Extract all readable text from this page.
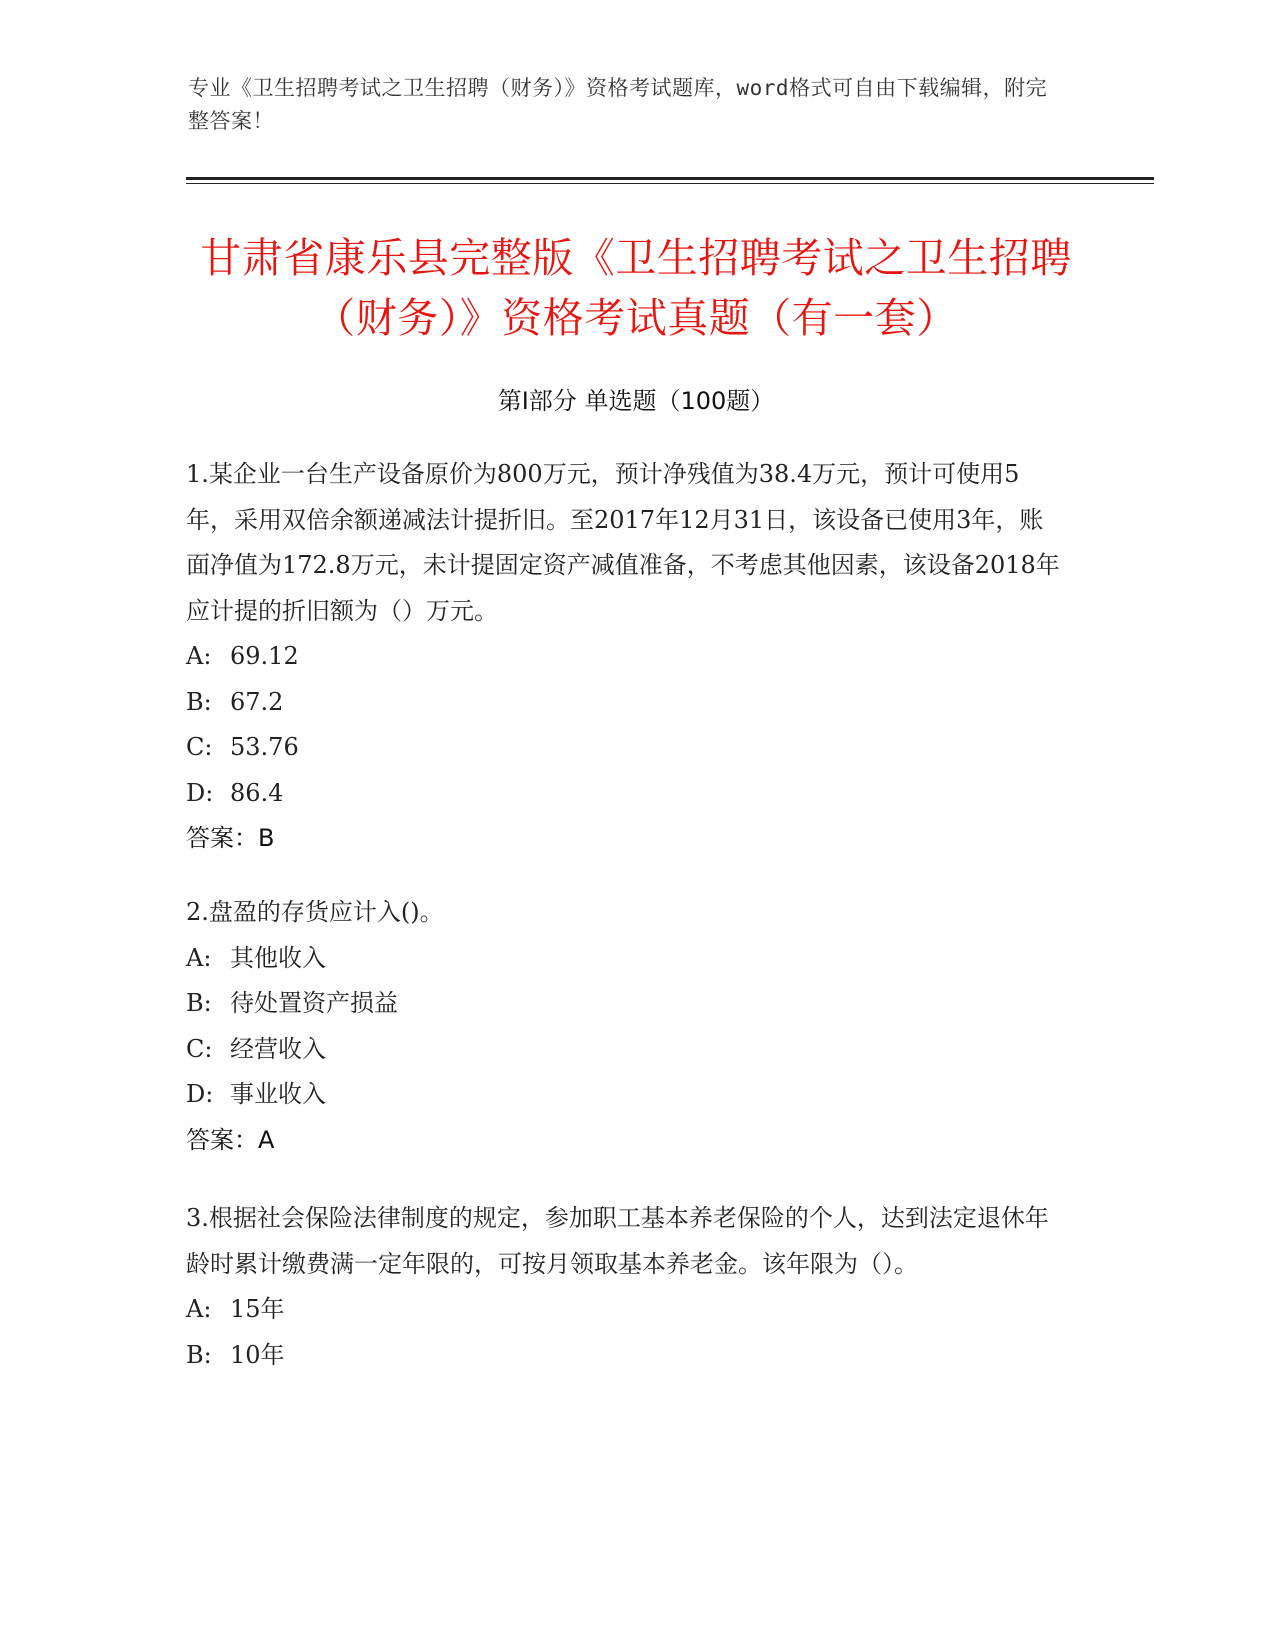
专业《卫生招聘考试之卫生招聘（财务）》资格考试题库，word格式可自由下载编辑，附完整答案！
甘肃省康乐县完整版《卫生招聘考试之卫生招聘（财务）》资格考试真题（有一套）
第Ⅰ部分 单选题（100题）
1.某企业一台生产设备原价为800万元，预计净残值为38.4万元，预计可使用5年，采用双倍余额递减法计提折旧。至2017年12月31日，该设备已使用3年，账面净值为172.8万元，未计提固定资产减值准备，不考虑其他因素，该设备2018年应计提的折旧额为（）万元。
A: 69.12
B: 67.2
C: 53.76
D: 86.4
答案：B
2.盘盈的存货应计入()。
A: 其他收入
B: 待处置资产损益
C: 经营收入
D: 事业收入
答案：A
3.根据社会保险法律制度的规定，参加职工基本养老保险的个人，达到法定退休年龄时累计缴费满一定年限的，可按月领取基本养老金。该年限为（）。
A: 15年
B: 10年
